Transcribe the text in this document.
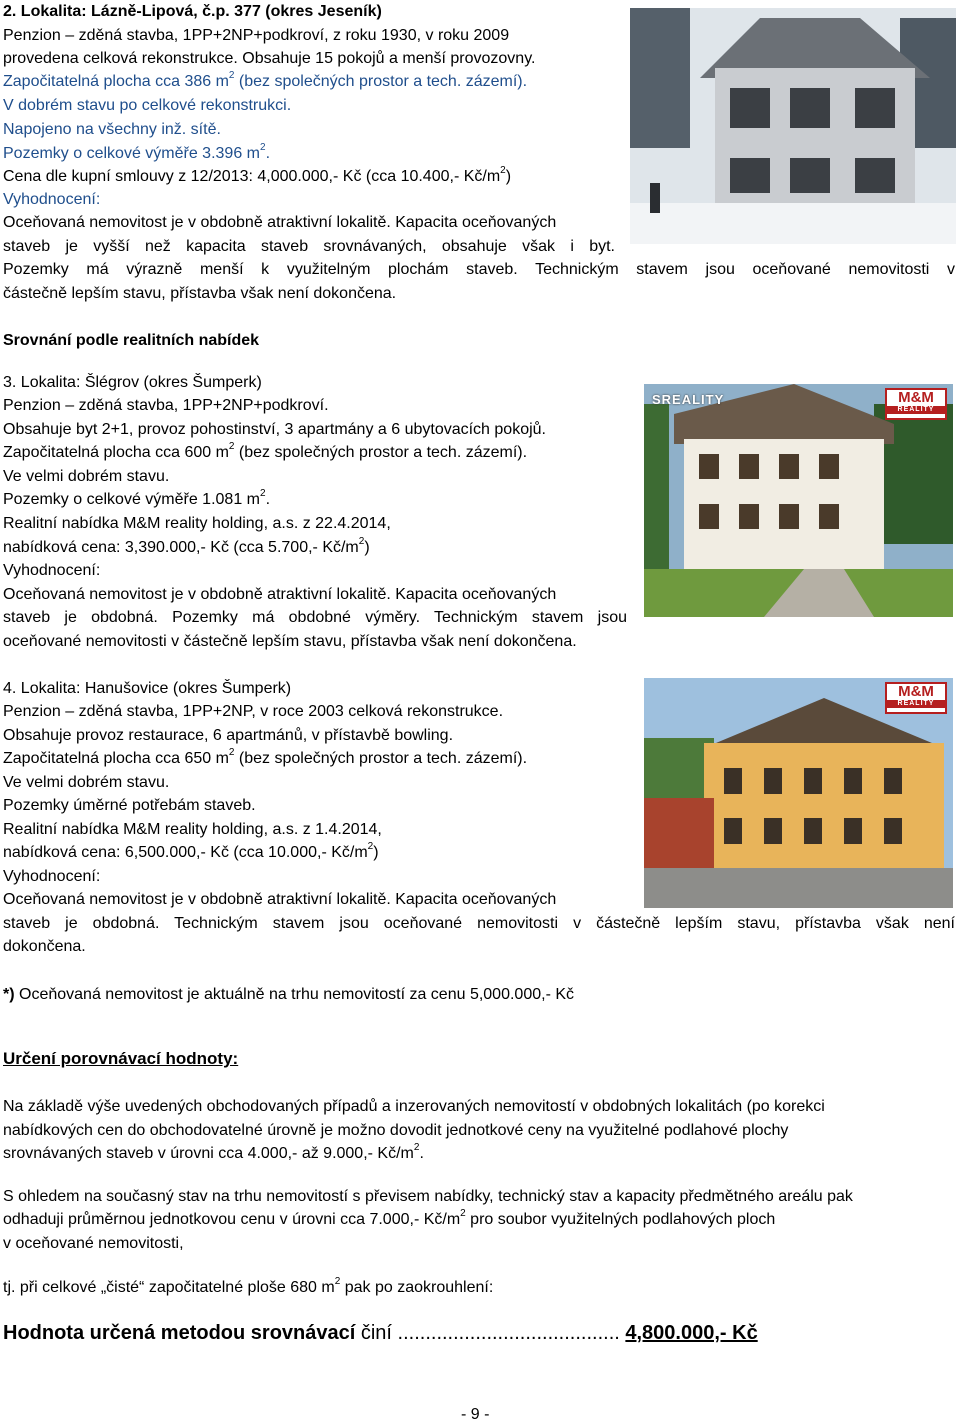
2. Lokalita: Lázně-Lipová, č.p. 377 (okres Jeseník)
Penzion – zděná stavba, 1PP+2NP+podkroví, z roku 1930, v roku 2009
provedena celková rekonstrukce. Obsahuje 15 pokojů a menší provozovny.
Započitatelná plocha cca 386 $m^2$ (bez společných prostor a tech. zázemí).
V dobrém stavu po celkové rekonstrukci.
Napojeno na všechny inž. sítě.
Pozemky o celkové výměře 3.396 $m^2$.
Cena dle kupní smlouvy z 12/2013: 4,000.000,- Kč (cca 10.400,- $Kč/m^2$)
Vyhodnocení:
Oceňovaná nemovitost je v obdobně atraktivní lokalitě. Kapacita oceňovaných
staveb je vyšší než kapacita staveb srovnávaných, obsahuje však i byt.
Pozemky má výrazně menší k využitelným plochám staveb. Technickým stavem jsou oceňované nemovitosti v
částečně lepším stavu, přístavba však není dokončena.
Srovnání podle realitních nabídek
3. Lokalita: Šlégrov (okres Šumperk)
Penzion – zděná stavba, 1PP+2NP+podkroví.
Obsahuje byt 2+1, provoz pohostinství, 3 apartmány a 6 ubytovacích pokojů.
Započitatelná plocha cca 600 $m^2$ (bez společných prostor a tech. zázemí).
Ve velmi dobrém stavu.
Pozemky o celkové výměře 1.081 $m^2$.
Realitní nabídka M&M reality holding, a.s. z 22.4.2014,
nabídková cena: 3,390.000,- Kč (cca 5.700,- $Kč/m^2$)
Vyhodnocení:
Oceňovaná nemovitost je v obdobně atraktivní lokalitě. Kapacita oceňovaných
staveb je obdobná. Pozemky má obdobné výměry. Technickým stavem jsou
oceňované nemovitosti v částečně lepším stavu, přístavba však není dokončena.
SREALITY	M&M
REALITY
4. Lokalita: Hanušovice (okres Šumperk)
Penzion – zděná stavba, 1PP+2NP, v roce 2003 celková rekonstrukce.
Obsahuje provoz restaurace, 6 apartmánů, v přístavbě bowling.
Započitatelná plocha cca 650 $m^2$ (bez společných prostor a tech. zázemí).
Ve velmi dobrém stavu.
Pozemky úměrné potřebám staveb.
Realitní nabídka M&M reality holding, a.s. z 1.4.2014,
nabídková cena: 6,500.000,- Kč (cca 10.000,- $Kč/m^2$)
Vyhodnocení:
Oceňovaná nemovitost je v obdobně atraktivní lokalitě. Kapacita oceňovaných
staveb je obdobná. Technickým stavem jsou oceňované nemovitosti v částečně lepším stavu, přístavba však není
dokončena.
M&M
REALITY
*) Oceňovaná nemovitost je aktuálně na trhu nemovitostí za cenu 5,000.000,- Kč
Určení porovnávací hodnoty:
Na základě výše uvedených obchodovaných případů a inzerovaných nemovitostí v obdobných lokalitách (po korekci
nabídkových cen do obchodovatelné úrovně je možno dovodit jednotkové ceny na využitelné podlahové plochy
srovnávaných staveb v úrovni cca 4.000,- až 9.000,- $Kč/m^2$.
S ohledem na současný stav na trhu nemovitostí s převisem nabídky, technický stav a kapacity předmětného areálu pak
odhaduji průměrnou jednotkovou cenu v úrovni cca 7.000,- $Kč/m^2$ pro soubor využitelných podlahových ploch
v oceňované nemovitosti,
tj. při celkové „čisté“ započitatelné ploše 680 $m^2$ pak po zaokrouhlení:
Hodnota určená metodou srovnávací činí ........................................ 4,800.000,- Kč
- 9 -
